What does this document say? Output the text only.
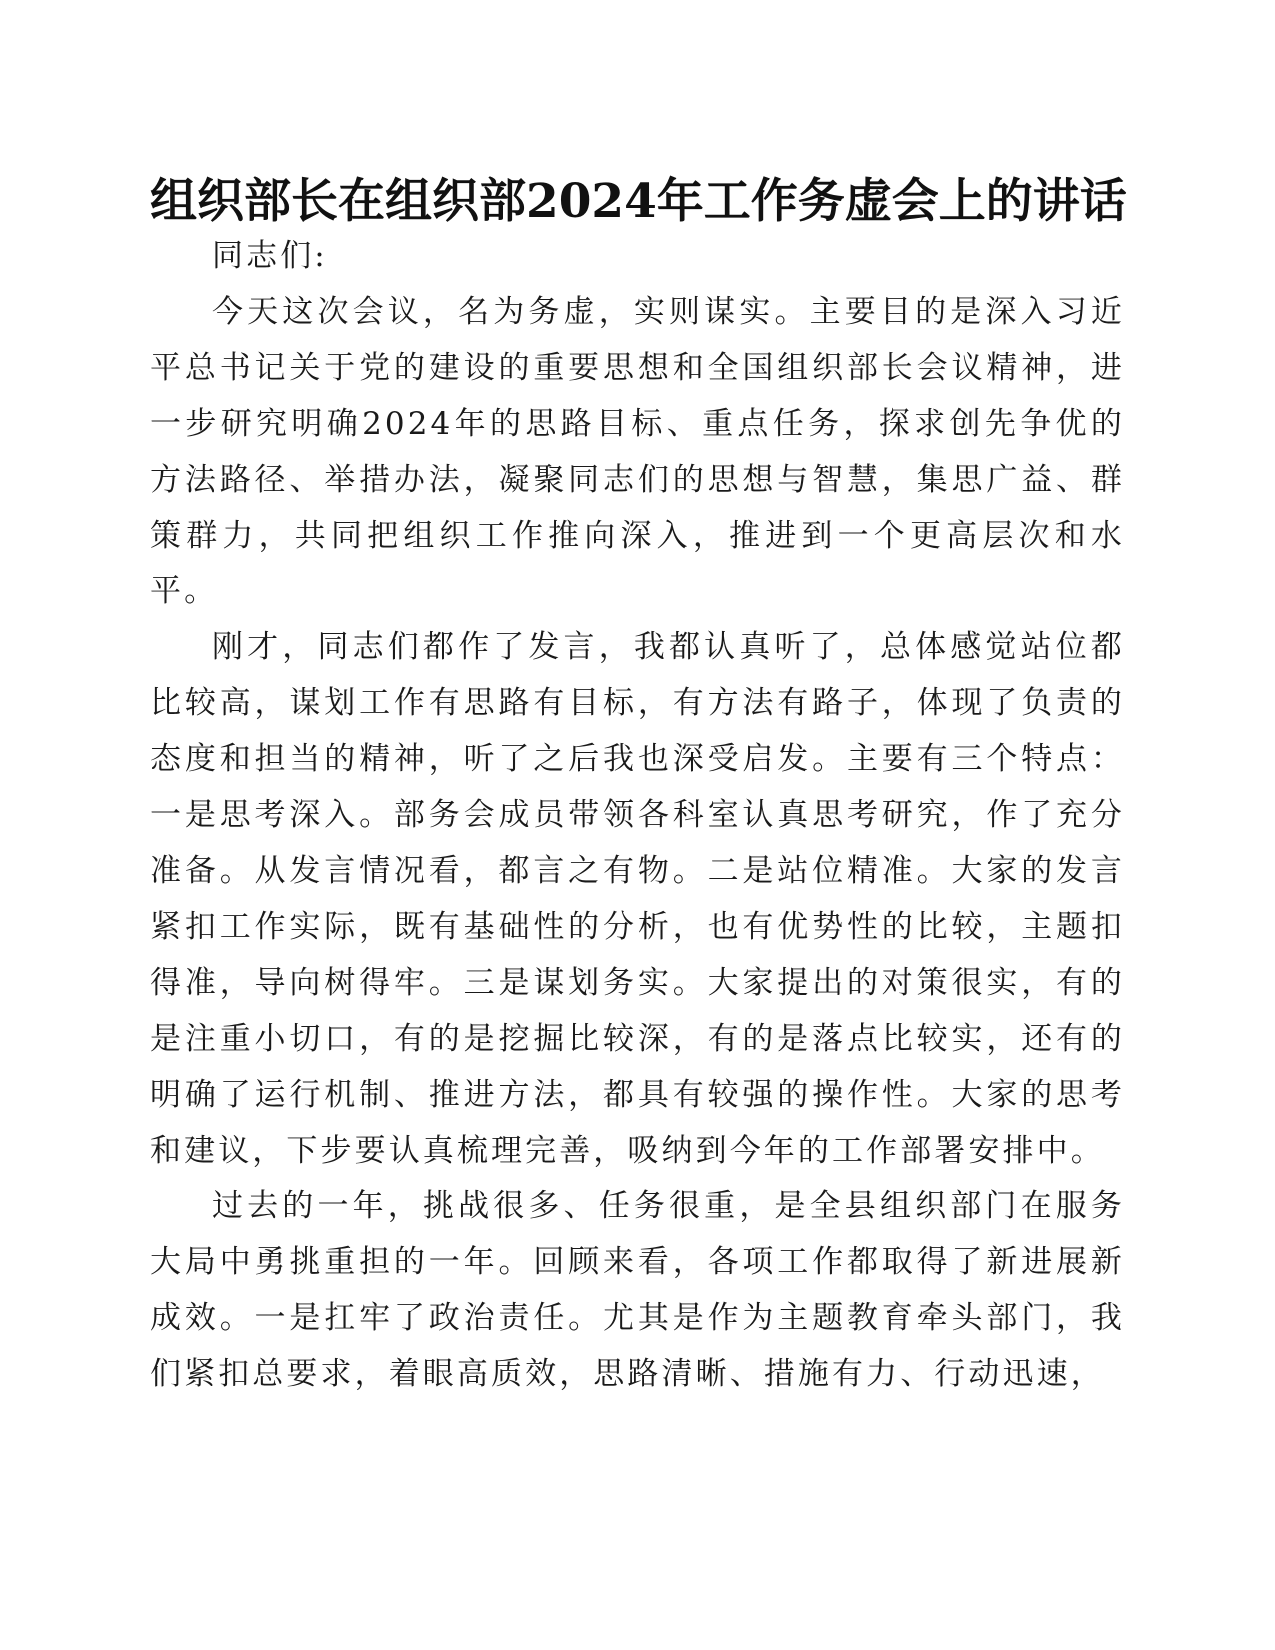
组织部长在组织部2024年工作务虚会上的讲话

同志们:

今天这次会议，名为务虚，实则谋实。主要目的是深入习近平总书记关于党的建设的重要思想和全国组织部长会议精神，进一步研究明确2024年的思路目标、重点任务，探求创先争优的方法路径、举措办法，凝聚同志们的思想与智慧，集思广益、群策群力，共同把组织工作推向深入，推进到一个更高层次和水平。

刚才，同志们都作了发言，我都认真听了，总体感觉站位都比较高，谋划工作有思路有目标，有方法有路子，体现了负责的态度和担当的精神，听了之后我也深受启发。主要有三个特点：一是思考深入。部务会成员带领各科室认真思考研究，作了充分准备。从发言情况看，都言之有物。二是站位精准。大家的发言紧扣工作实际，既有基础性的分析，也有优势性的比较，主题扣得准，导向树得牢。三是谋划务实。大家提出的对策很实，有的是注重小切口，有的是挖掘比较深，有的是落点比较实，还有的明确了运行机制、推进方法，都具有较强的操作性。大家的思考和建议，下步要认真梳理完善，吸纳到今年的工作部署安排中。

过去的一年，挑战很多、任务很重，是全县组织部门在服务大局中勇挑重担的一年。回顾来看，各项工作都取得了新进展新成效。一是扛牢了政治责任。尤其是作为主题教育牵头部门，我们紧扣总要求，着眼高质效，思路清晰、措施有力、行动迅速，
